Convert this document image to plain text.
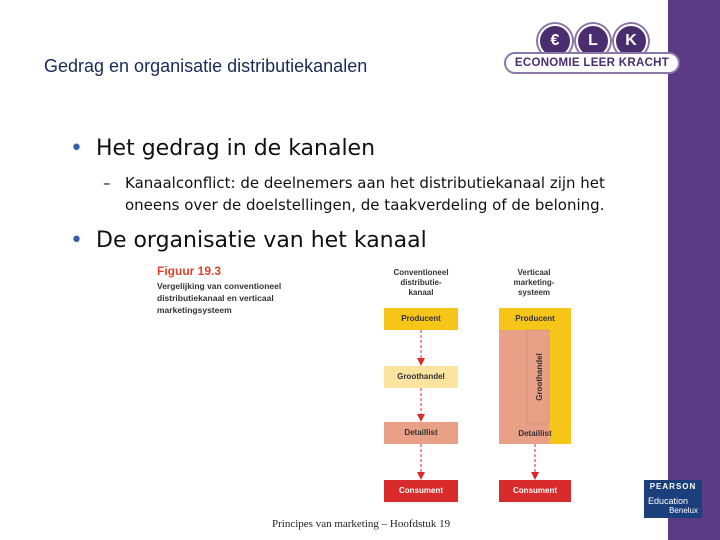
Gedrag en organisatie distributiekanalen
€	L	K
ECONOMIE LEER KRACHT
• Het gedrag in de kanalen
– Kanaalconflict: de deelnemers aan het distributiekanaal zijn het oneens over de doelstellingen, de taakverdeling of de beloning.
• De organisatie van het kanaal
Figuur 19.3
Vergelijking van conventioneel distributiekanaal en verticaal marketingsysteem
Conventioneel
distributie-
kanaal
Verticaal
marketing-
systeem
Producent
Groothandel
Detaillist
Consument
Producent
Groothandel
Detaillist
Consument
Principes van marketing – Hoofdstuk 19
PEARSON
Education
Benelux
